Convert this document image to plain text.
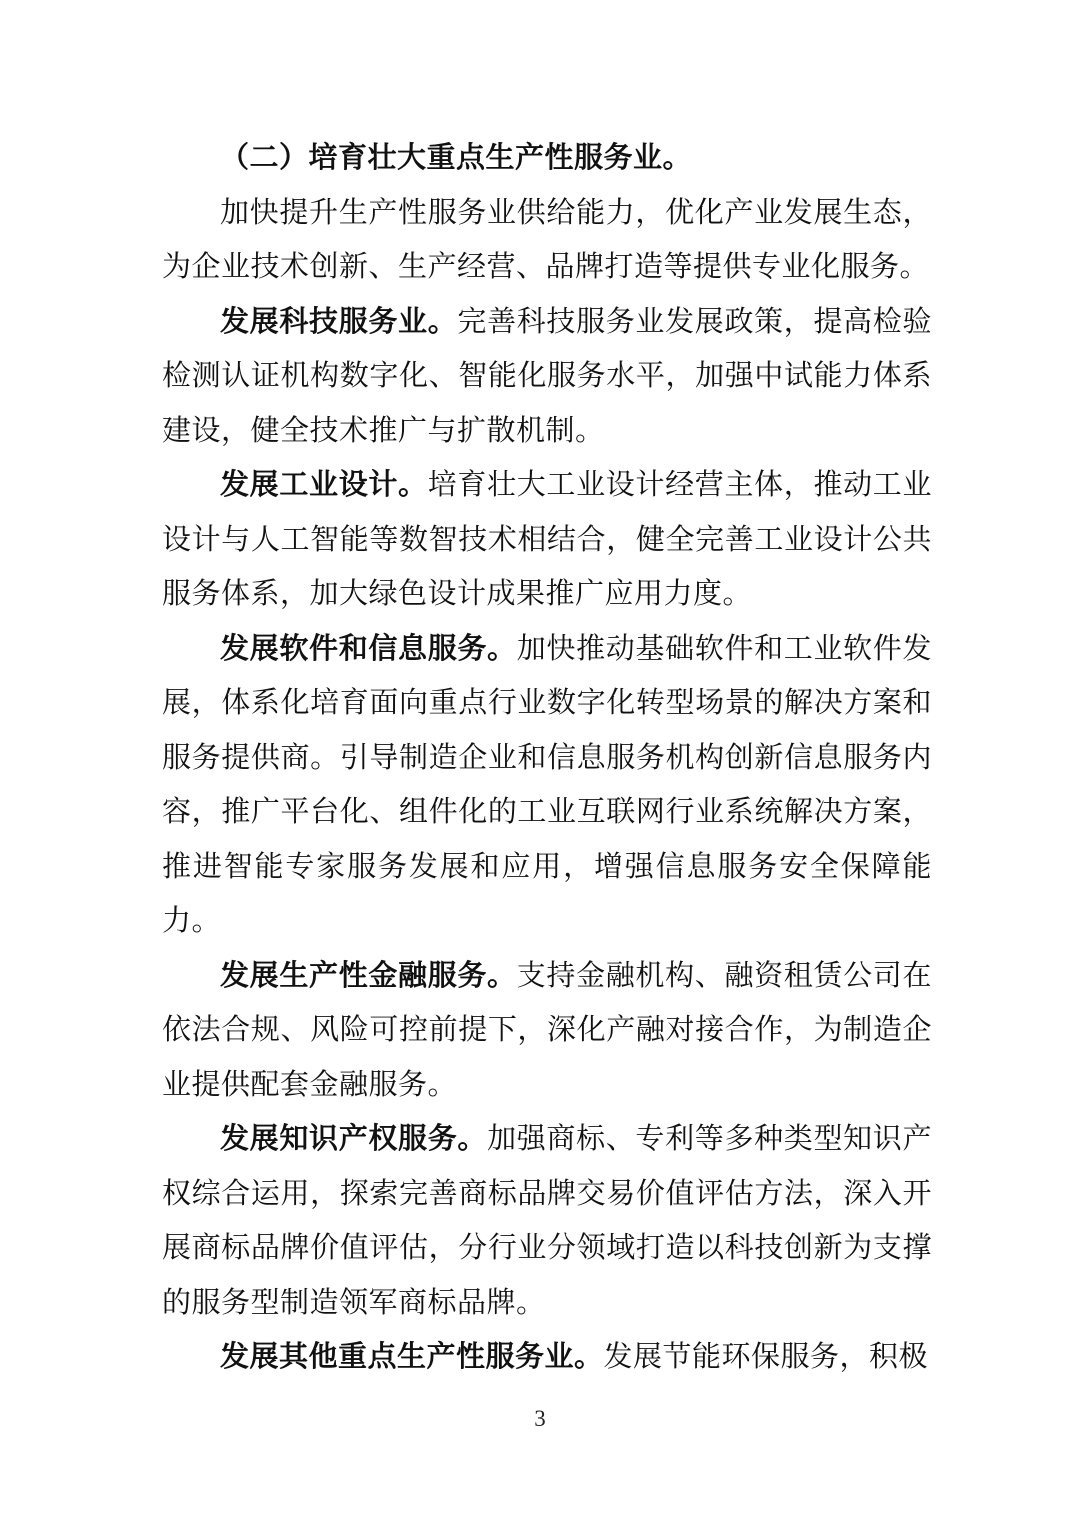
（二）培育壮大重点生产性服务业。

加快提升生产性服务业供给能力，优化产业发展生态，为企业技术创新、生产经营、品牌打造等提供专业化服务。

发展科技服务业。完善科技服务业发展政策，提高检验检测认证机构数字化、智能化服务水平，加强中试能力体系建设，健全技术推广与扩散机制。

发展工业设计。培育壮大工业设计经营主体，推动工业设计与人工智能等数智技术相结合，健全完善工业设计公共服务体系，加大绿色设计成果推广应用力度。

发展软件和信息服务。加快推动基础软件和工业软件发展，体系化培育面向重点行业数字化转型场景的解决方案和服务提供商。引导制造企业和信息服务机构创新信息服务内容，推广平台化、组件化的工业互联网行业系统解决方案，推进智能专家服务发展和应用，增强信息服务安全保障能力。

发展生产性金融服务。支持金融机构、融资租赁公司在依法合规、风险可控前提下，深化产融对接合作，为制造企业提供配套金融服务。

发展知识产权服务。加强商标、专利等多种类型知识产权综合运用，探索完善商标品牌交易价值评估方法，深入开展商标品牌价值评估，分行业分领域打造以科技创新为支撑的服务型制造领军商标品牌。

发展其他重点生产性服务业。发展节能环保服务，积极

3
